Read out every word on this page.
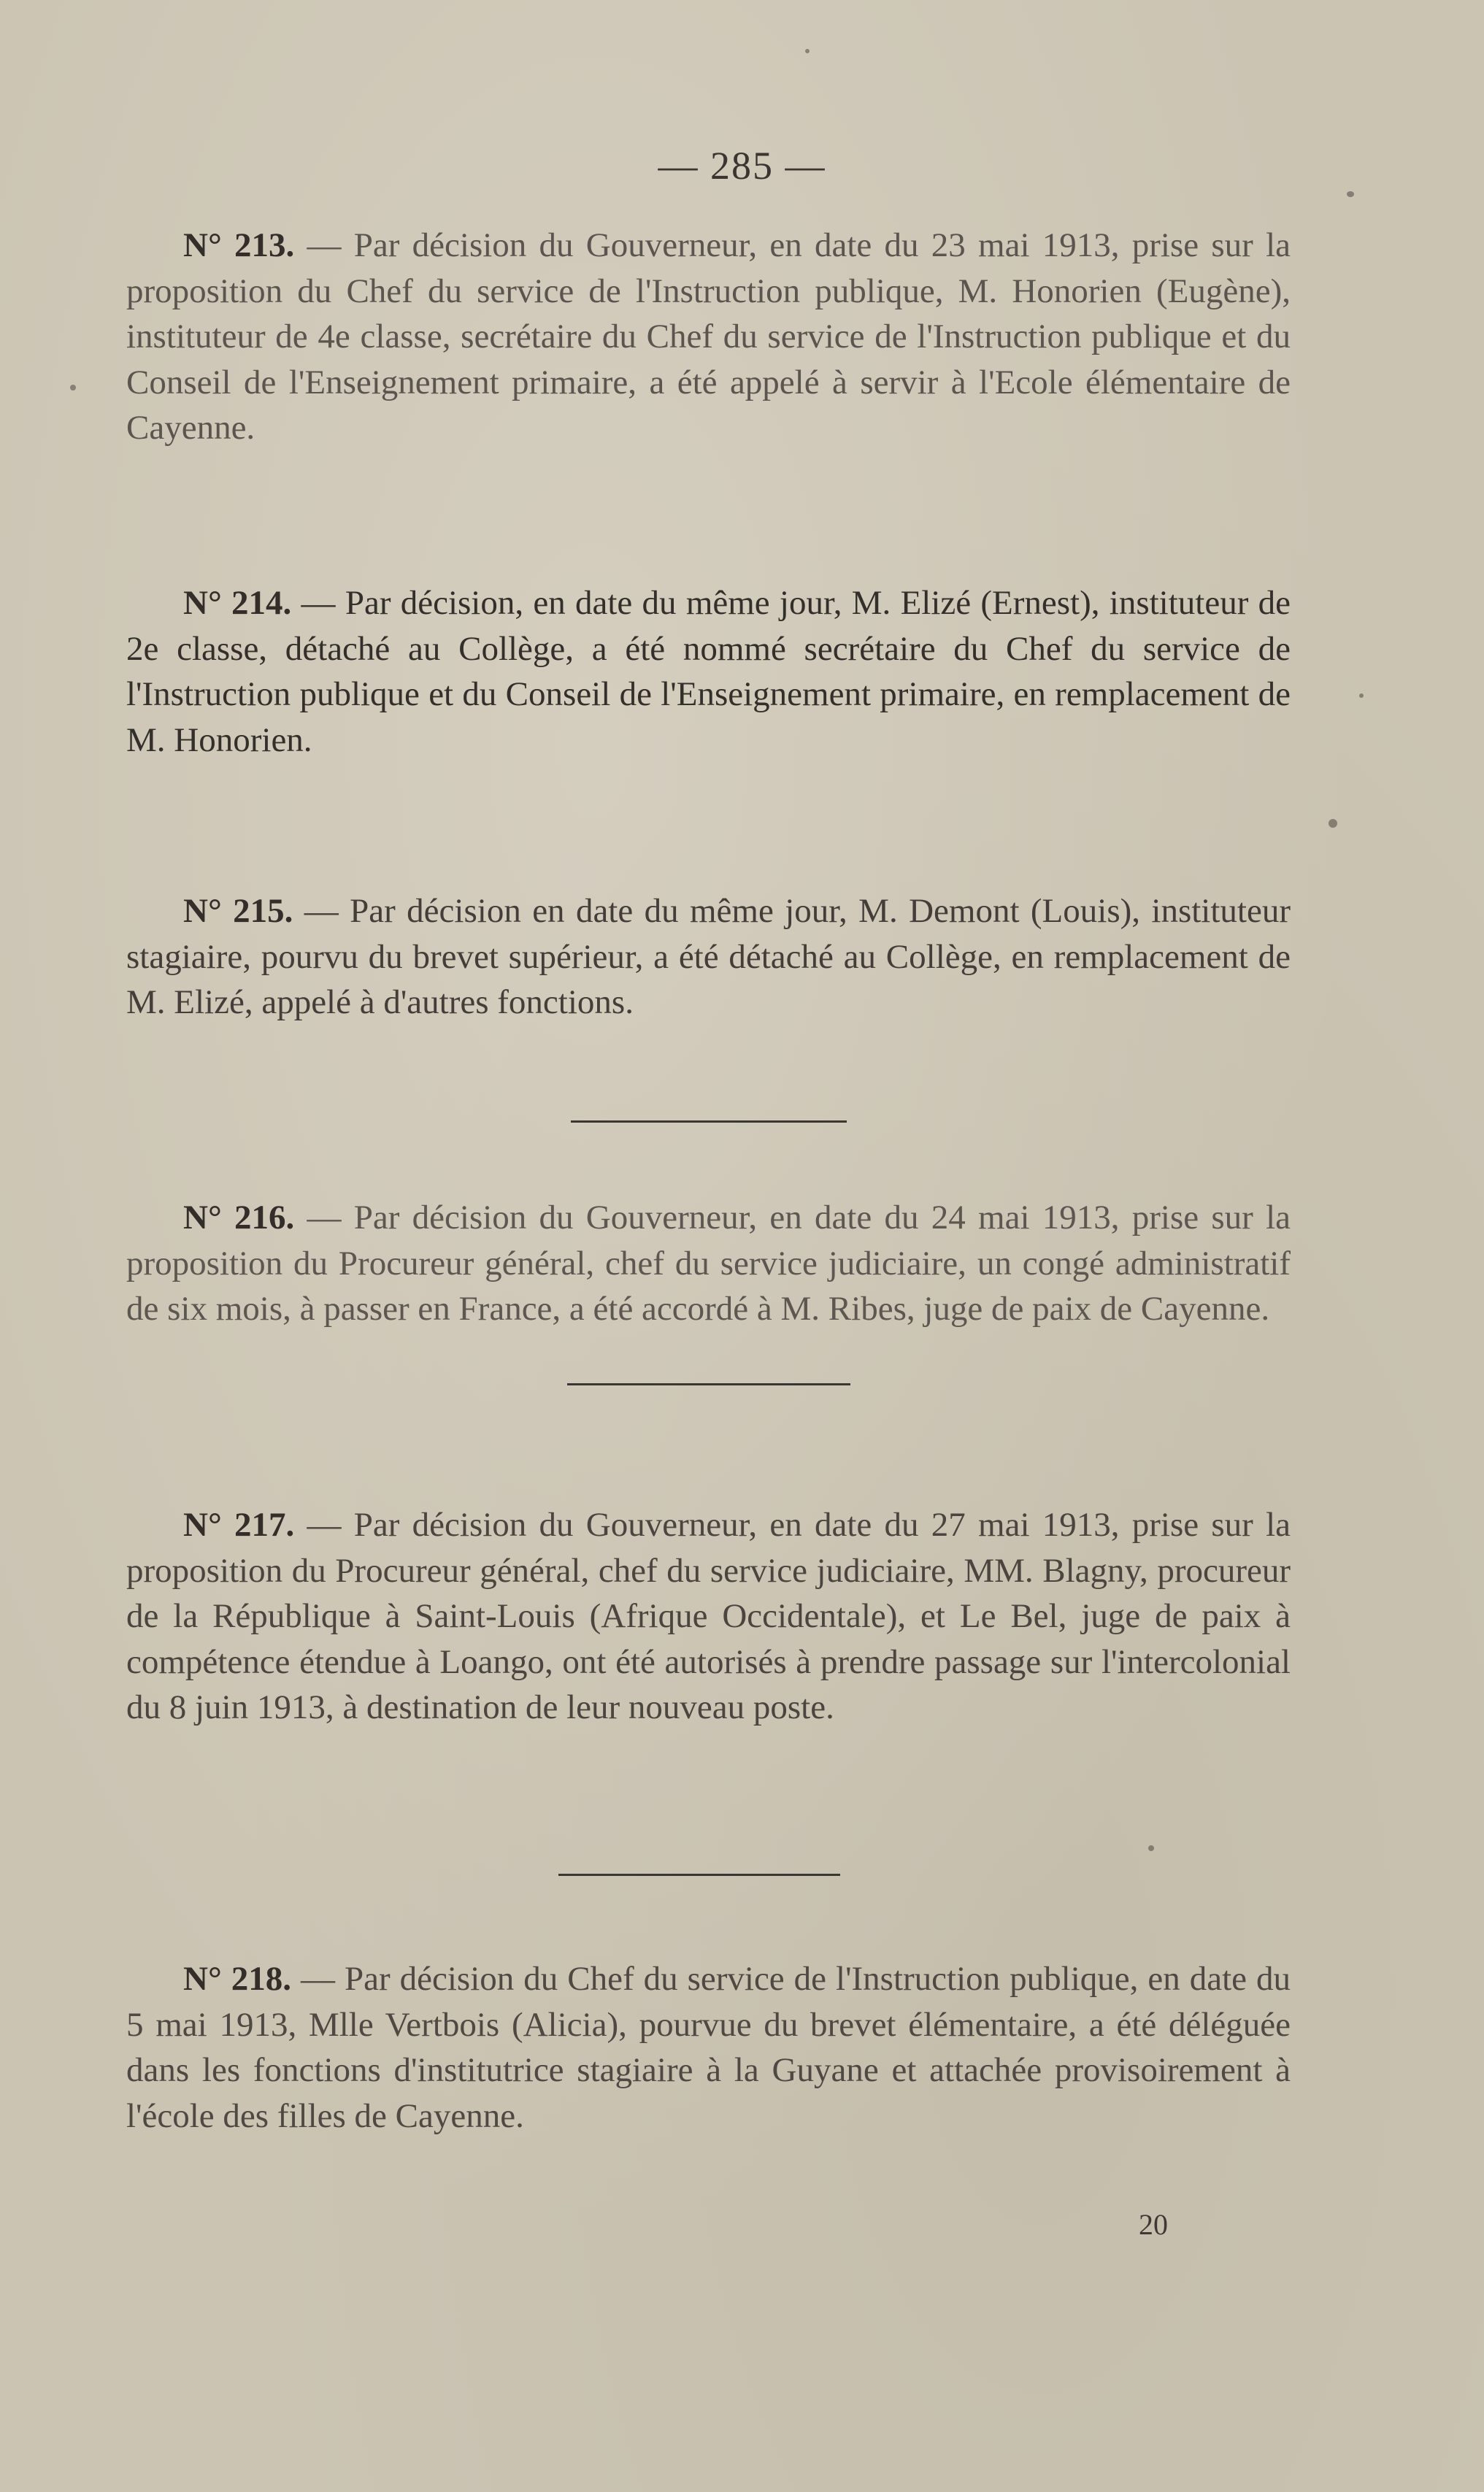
— 285 —

N° 213. — Par décision du Gouverneur, en date du 23 mai 1913, prise sur la proposition du Chef du service de l'Instruction publique, M. Honorien (Eugène), instituteur de 4e classe, secrétaire du Chef du service de l'Instruction publique et du Conseil de l'Enseignement primaire, a été appelé à servir à l'Ecole élémentaire de Cayenne.

N° 214. — Par décision, en date du même jour, M. Elizé (Ernest), instituteur de 2e classe, détaché au Collège, a été nommé secrétaire du Chef du service de l'Instruction publique et du Conseil de l'Enseignement primaire, en remplacement de M. Honorien.

N° 215. — Par décision en date du même jour, M. Demont (Louis), instituteur stagiaire, pourvu du brevet supérieur, a été détaché au Collège, en remplacement de M. Elizé, appelé à d'autres fonctions.

N° 216. — Par décision du Gouverneur, en date du 24 mai 1913, prise sur la proposition du Procureur général, chef du service judiciaire, un congé administratif de six mois, à passer en France, a été accordé à M. Ribes, juge de paix de Cayenne.

N° 217. — Par décision du Gouverneur, en date du 27 mai 1913, prise sur la proposition du Procureur général, chef du service judiciaire, MM. Blagny, procureur de la République à Saint-Louis (Afrique Occidentale), et Le Bel, juge de paix à compétence étendue à Loango, ont été autorisés à prendre passage sur l'intercolonial du 8 juin 1913, à destination de leur nouveau poste.

N° 218. — Par décision du Chef du service de l'Instruction publique, en date du 5 mai 1913, Mlle Vertbois (Alicia), pourvue du brevet élémentaire, a été déléguée dans les fonctions d'institutrice stagiaire à la Guyane et attachée provisoirement à l'école des filles de Cayenne.

20
